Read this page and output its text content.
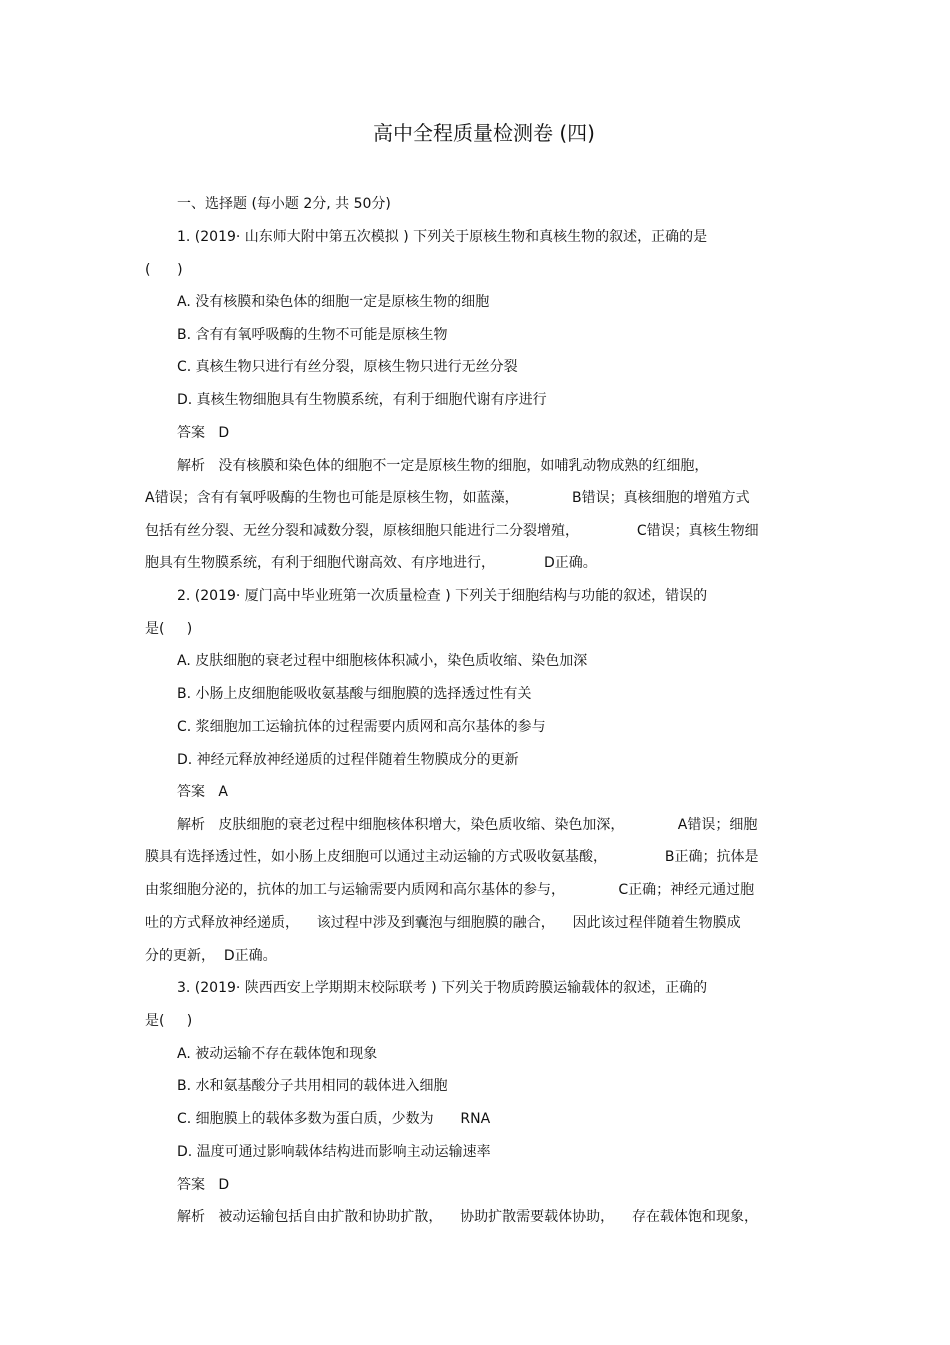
高中全程质量检测卷 (四)
一、选择题 (每小题 2分, 共 50分)
1. (2019· 山东师大附中第五次模拟 ) 下列关于原核生物和真核生物的叙述，正确的是
(      )
A. 没有核膜和染色体的细胞一定是原核生物的细胞
B. 含有有氧呼吸酶的生物不可能是原核生物
C. 真核生物只进行有丝分裂，原核生物只进行无丝分裂
D. 真核生物细胞具有生物膜系统，有利于细胞代谢有序进行
答案   D
解析   没有核膜和染色体的细胞不一定是原核生物的细胞，如哺乳动物成熟的红细胞，
A错误；含有有氧呼吸酶的生物也可能是原核生物，如蓝藻，            B错误；真核细胞的增殖方式
包括有丝分裂、无丝分裂和减数分裂，原核细胞只能进行二分裂增殖，             C错误；真核生物细
胞具有生物膜系统，有利于细胞代谢高效、有序地进行，           D正确。
2. (2019· 厦门高中毕业班第一次质量检查 ) 下列关于细胞结构与功能的叙述，错误的
是(     )
A. 皮肤细胞的衰老过程中细胞核体积减小，染色质收缩、染色加深
B. 小肠上皮细胞能吸收氨基酸与细胞膜的选择透过性有关
C. 浆细胞加工运输抗体的过程需要内质网和高尔基体的参与
D. 神经元释放神经递质的过程伴随着生物膜成分的更新
答案   A
解析   皮肤细胞的衰老过程中细胞核体积增大，染色质收缩、染色加深，            A错误；细胞
膜具有选择透过性，如小肠上皮细胞可以通过主动运输的方式吸收氨基酸，             B正确；抗体是
由浆细胞分泌的，抗体的加工与运输需要内质网和高尔基体的参与，            C正确；神经元通过胞
吐的方式释放神经递质，    该过程中涉及到囊泡与细胞膜的融合，    因此该过程伴随着生物膜成
分的更新，  D正确。
3. (2019· 陕西西安上学期期末校际联考 ) 下列关于物质跨膜运输载体的叙述，正确的
是(     )
A. 被动运输不存在载体饱和现象
B. 水和氨基酸分子共用相同的载体进入细胞
C. 细胞膜上的载体多数为蛋白质，少数为      RNA
D. 温度可通过影响载体结构进而影响主动运输速率
答案   D
解析   被动运输包括自由扩散和协助扩散，    协助扩散需要载体协助，    存在载体饱和现象，
